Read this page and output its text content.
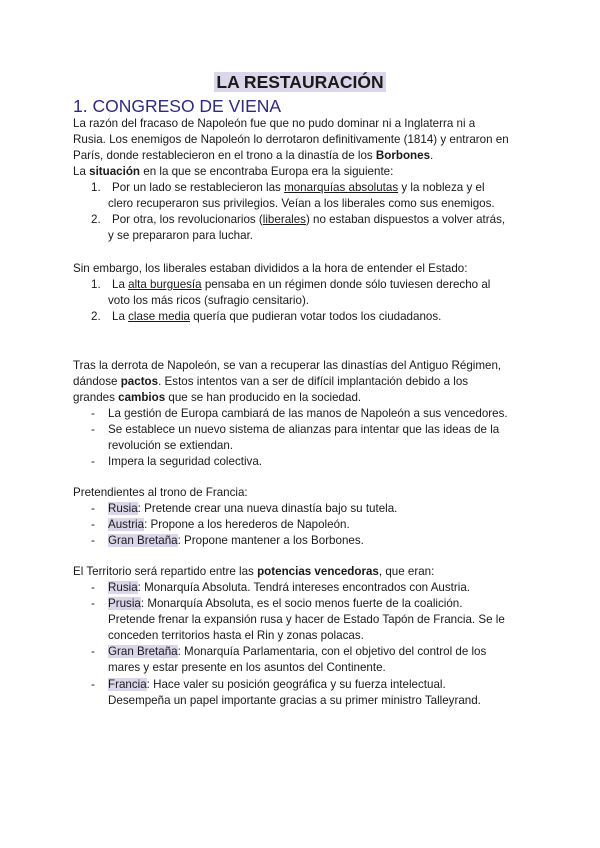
LA RESTAURACIÓN
1. CONGRESO DE VIENA
La razón del fracaso de Napoleón fue que no pudo dominar ni a Inglaterra ni a
Rusia. Los enemigos de Napoleón lo derrotaron definitivamente (1814) y entraron en
París, donde restablecieron en el trono a la dinastía de los Borbones.
La situación en la que se encontraba Europa era la siguiente:
1. Por un lado se restablecieron las monarquías absolutas y la nobleza y el
clero recuperaron sus privilegios. Veían a los liberales como sus enemigos.
2. Por otra, los revolucionarios (liberales) no estaban dispuestos a volver atrás,
y se prepararon para luchar.
Sin embargo, los liberales estaban divididos a la hora de entender el Estado:
1. La alta burguesía pensaba en un régimen donde sólo tuviesen derecho al
voto los más ricos (sufragio censitario).
2. La clase media quería que pudieran votar todos los ciudadanos.
Tras la derrota de Napoleón, se van a recuperar las dinastías del Antiguo Régimen,
dándose pactos. Estos intentos van a ser de difícil implantación debido a los
grandes cambios que se han producido en la sociedad.
- La gestión de Europa cambiará de las manos de Napoleón a sus vencedores.
- Se establece un nuevo sistema de alianzas para intentar que las ideas de la
revolución se extiendan.
- Impera la seguridad colectiva.
Pretendientes al trono de Francia:
- Rusia: Pretende crear una nueva dinastía bajo su tutela.
- Austria: Propone a los herederos de Napoleón.
- Gran Bretaña: Propone mantener a los Borbones.
El Territorio será repartido entre las potencias vencedoras, que eran:
- Rusia: Monarquía Absoluta. Tendrá intereses encontrados con Austria.
- Prusia: Monarquía Absoluta, es el socio menos fuerte de la coalición.
Pretende frenar la expansión rusa y hacer de Estado Tapón de Francia. Se le
conceden territorios hasta el Rin y zonas polacas.
- Gran Bretaña: Monarquía Parlamentaria, con el objetivo del control de los
mares y estar presente en los asuntos del Continente.
- Francia: Hace valer su posición geográfica y su fuerza intelectual.
Desempeña un papel importante gracias a su primer ministro Talleyrand.
